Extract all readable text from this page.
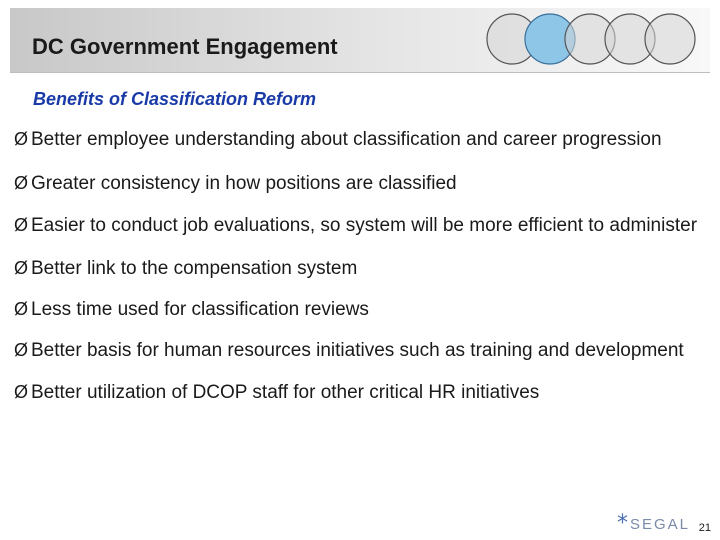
DC Government Engagement
Benefits of Classification Reform
Ø Better employee understanding about classification and career progression
Ø Greater consistency in how positions are classified
Ø Easier to conduct job evaluations, so system will be more efficient to administer
Ø Better link to the compensation system
Ø Less time used for classification reviews
Ø Better basis for human resources initiatives such as training and development
Ø Better utilization of DCOP staff for other critical HR initiatives
* SEGAL 21
